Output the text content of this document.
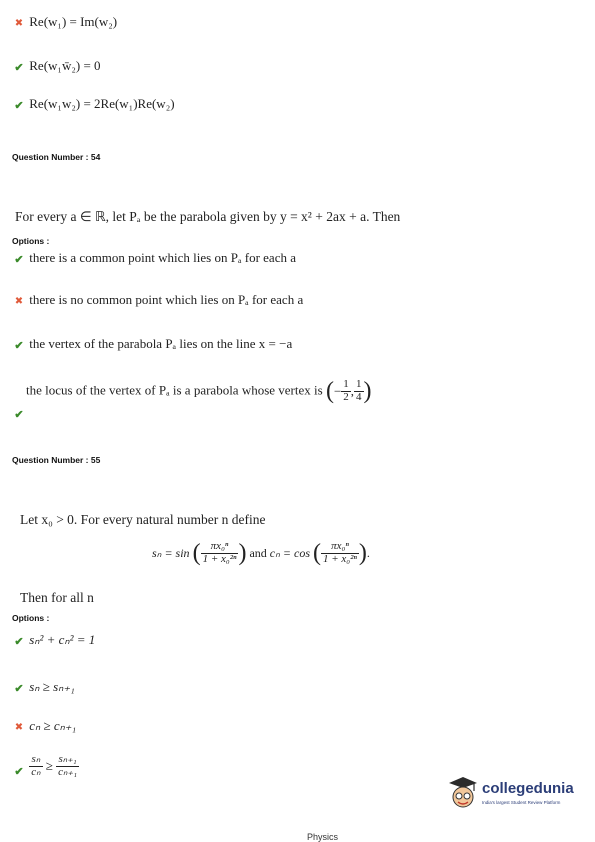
✖ Re(w₁) = Im(w₂)
✔ Re(w₁w̄₂) = 0
✔ Re(w₁w₂) = 2Re(w₁)Re(w₂)
Question Number : 54
For every a ∈ ℝ, let Pₐ be the parabola given by y = x² + 2ax + a. Then
Options :
✔ there is a common point which lies on Pₐ for each a
✖ there is no common point which lies on Pₐ for each a
✔ the vertex of the parabola Pₐ lies on the line x = −a
the locus of the vertex of Pₐ is a parabola whose vertex is (− $\frac{1}{2}$ , $\frac{1}{4}$ )
✔
Question Number : 55
Let x₀ > 0. For every natural number n define
sₙ = sin ( $\frac{\text{πx₀ⁿ}}{\text{1 + x₀²ⁿ}}$ ) and cₙ = cos ( $\frac{\text{πx₀ⁿ}}{\text{1 + x₀²ⁿ}}$ ).
Then for all n
Options :
✔ sₙ² + cₙ² = 1
✔ sₙ ≥ sₙ₊₁
✖ cₙ ≥ cₙ₊₁
✔ $\frac{\text{sₙ}}{\text{cₙ}} \ge \frac{\text{sₙ₊₁}}{\text{cₙ₊₁}}$
collegedunia
India's largest Student Review Platform
Physics
